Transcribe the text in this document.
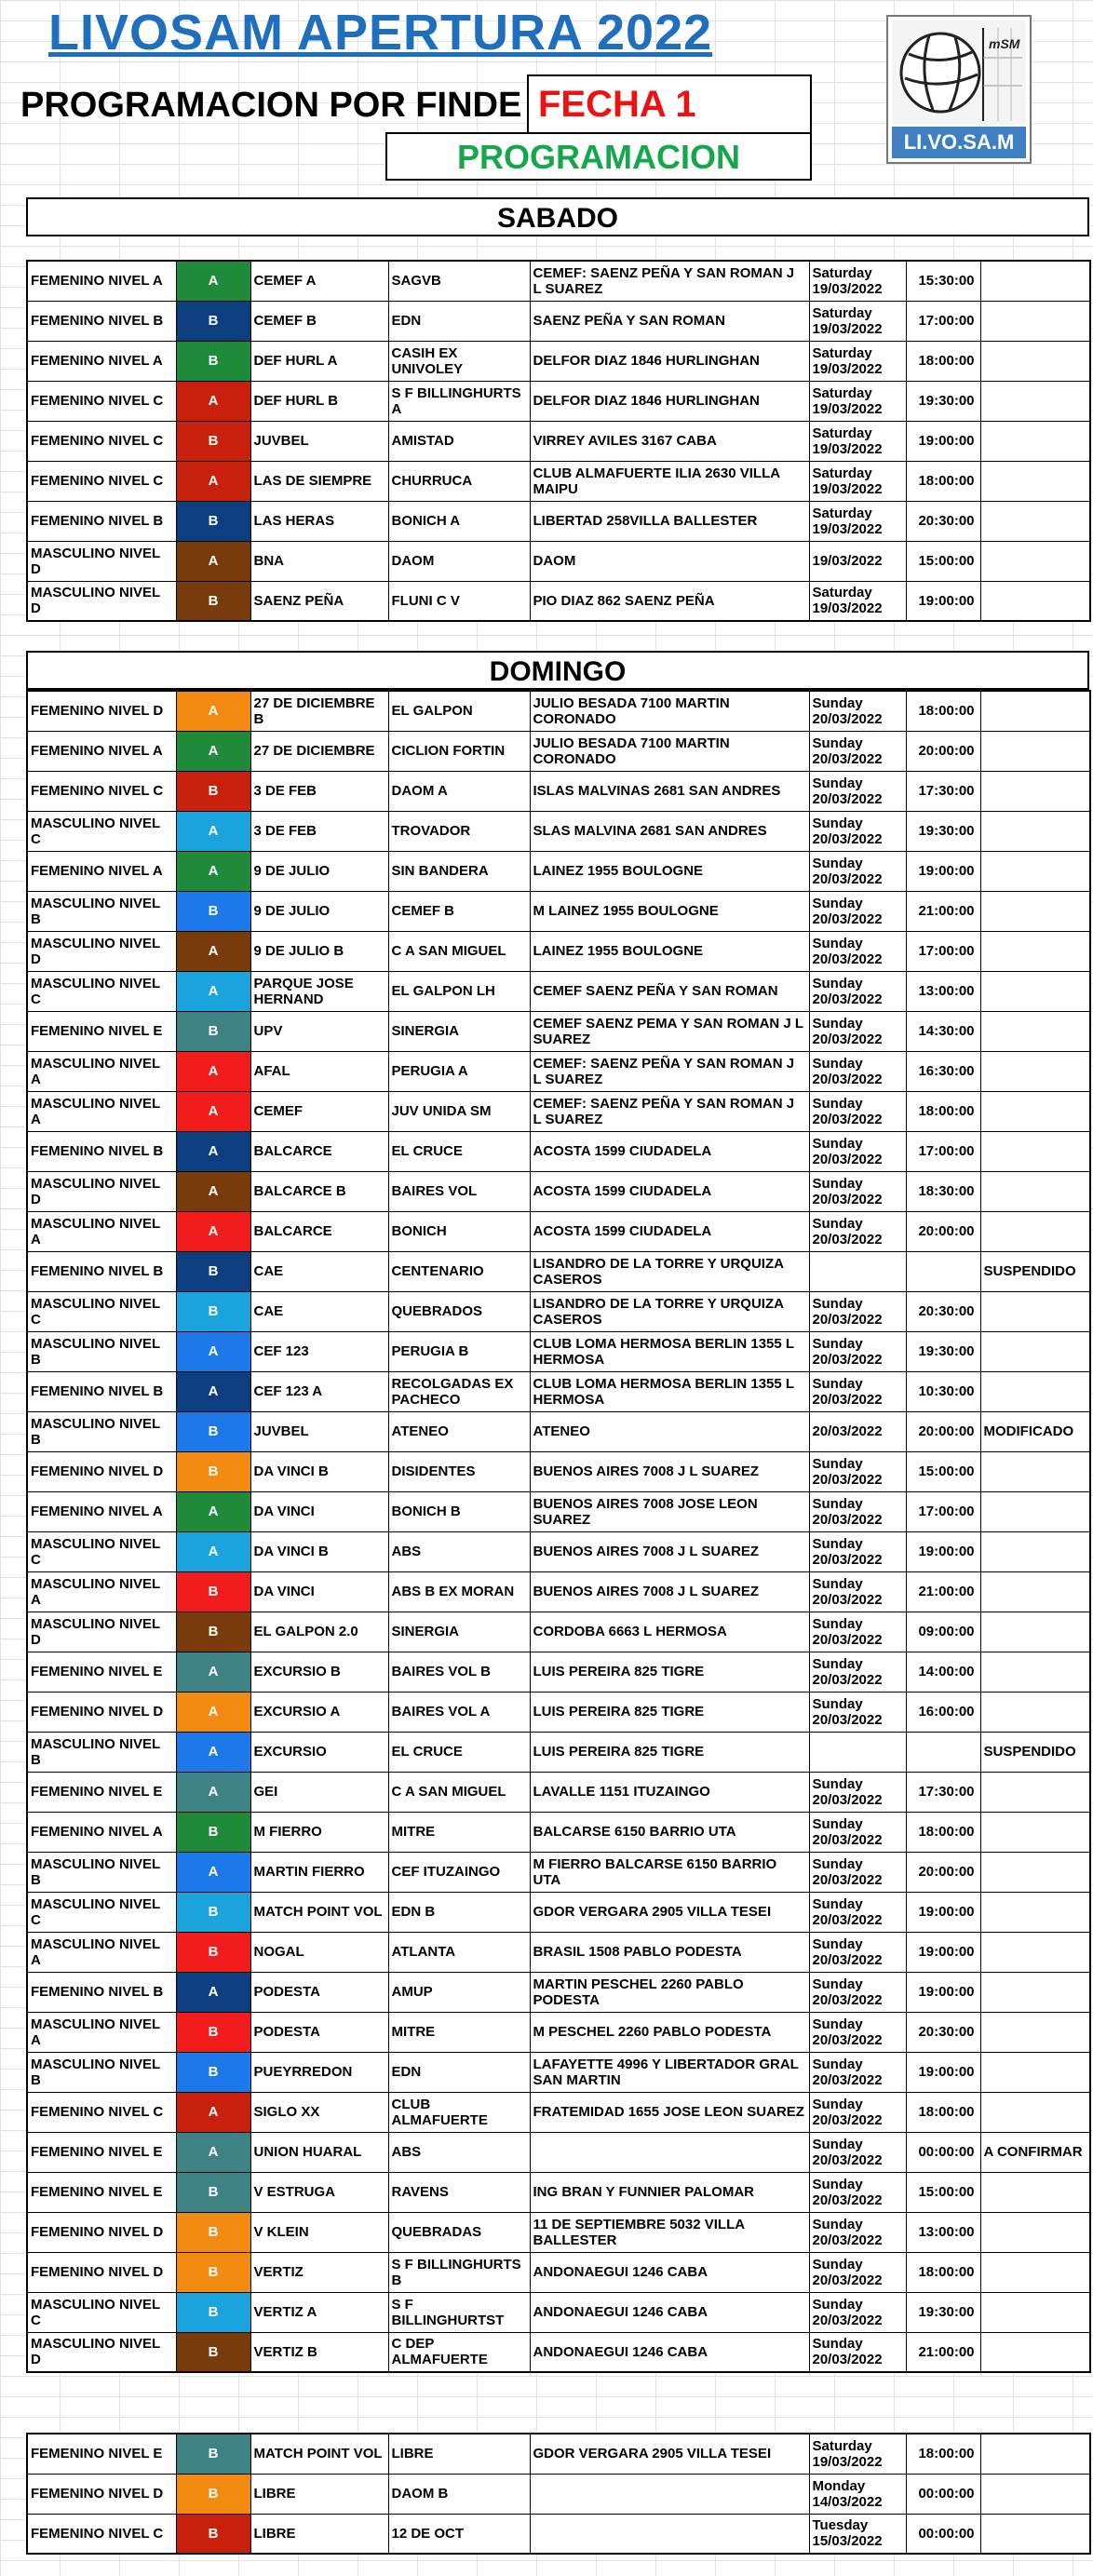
LIVOSAM APERTURA 2022
PROGRAMACION POR FINDE FECHA 1
PROGRAMACION
mSM
LI.VO.SA.M
SABADO
FEMENINO NIVEL A	A	CEMEF A	SAGVB	CEMEF: SAENZ PEÑA Y SAN ROMAN J L SUAREZ	Saturday 19/03/2022	15:30:00	
FEMENINO NIVEL B	B	CEMEF B	EDN	SAENZ PEÑA Y SAN ROMAN	Saturday 19/03/2022	17:00:00	
FEMENINO NIVEL A	B	DEF HURL A	CASIH EX UNIVOLEY	DELFOR DIAZ 1846 HURLINGHAN	Saturday 19/03/2022	18:00:00	
FEMENINO NIVEL C	A	DEF HURL B	S F BILLINGHURTS A	DELFOR DIAZ 1846 HURLINGHAN	Saturday 19/03/2022	19:30:00	
FEMENINO NIVEL C	B	JUVBEL	AMISTAD	VIRREY AVILES 3167 CABA	Saturday 19/03/2022	19:00:00	
FEMENINO NIVEL C	A	LAS DE SIEMPRE	CHURRUCA	CLUB ALMAFUERTE ILIA 2630 VILLA MAIPU	Saturday 19/03/2022	18:00:00	
FEMENINO NIVEL B	B	LAS HERAS	BONICH A	LIBERTAD 258VILLA BALLESTER	Saturday 19/03/2022	20:30:00	
MASCULINO NIVEL D	A	BNA	DAOM	DAOM	19/03/2022	15:00:00	
MASCULINO NIVEL D	B	SAENZ PEÑA	FLUNI C V	PIO DIAZ 862 SAENZ PEÑA	Saturday 19/03/2022	19:00:00	
DOMINGO
FEMENINO NIVEL D	A	27 DE DICIEMBRE B	EL GALPON	JULIO BESADA 7100 MARTIN CORONADO	Sunday 20/03/2022	18:00:00	
FEMENINO NIVEL A	A	27 DE DICIEMBRE	CICLION FORTIN	JULIO BESADA 7100 MARTIN CORONADO	Sunday 20/03/2022	20:00:00	
FEMENINO NIVEL C	B	3 DE FEB	DAOM A	ISLAS MALVINAS 2681 SAN ANDRES	Sunday 20/03/2022	17:30:00	
MASCULINO NIVEL C	A	3 DE FEB	TROVADOR	SLAS MALVINA 2681 SAN ANDRES	Sunday 20/03/2022	19:30:00	
FEMENINO NIVEL A	A	9 DE JULIO	SIN BANDERA	LAINEZ 1955 BOULOGNE	Sunday 20/03/2022	19:00:00	
MASCULINO NIVEL B	B	9 DE JULIO	CEMEF B	M LAINEZ 1955 BOULOGNE	Sunday 20/03/2022	21:00:00	
MASCULINO NIVEL D	A	9 DE JULIO B	C A SAN MIGUEL	LAINEZ 1955 BOULOGNE	Sunday 20/03/2022	17:00:00	
MASCULINO NIVEL C	A	PARQUE JOSE HERNAND	EL GALPON LH	CEMEF SAENZ PEÑA Y SAN ROMAN	Sunday 20/03/2022	13:00:00	
FEMENINO NIVEL E	B	UPV	SINERGIA	CEMEF SAENZ PEMA Y SAN ROMAN J L SUAREZ	Sunday 20/03/2022	14:30:00	
MASCULINO NIVEL A	A	AFAL	PERUGIA A	CEMEF: SAENZ PEÑA Y SAN ROMAN J L SUAREZ	Sunday 20/03/2022	16:30:00	
MASCULINO NIVEL A	A	CEMEF	JUV UNIDA SM	CEMEF: SAENZ PEÑA Y SAN ROMAN J L SUAREZ	Sunday 20/03/2022	18:00:00	
FEMENINO NIVEL B	A	BALCARCE	EL CRUCE	ACOSTA 1599 CIUDADELA	Sunday 20/03/2022	17:00:00	
MASCULINO NIVEL D	A	BALCARCE B	BAIRES VOL	ACOSTA 1599 CIUDADELA	Sunday 20/03/2022	18:30:00	
MASCULINO NIVEL A	A	BALCARCE	BONICH	ACOSTA 1599 CIUDADELA	Sunday 20/03/2022	20:00:00	
FEMENINO NIVEL B	B	CAE	CENTENARIO	LISANDRO DE LA TORRE Y URQUIZA CASEROS			SUSPENDIDO
MASCULINO NIVEL C	B	CAE	QUEBRADOS	LISANDRO DE LA TORRE Y URQUIZA CASEROS	Sunday 20/03/2022	20:30:00	
MASCULINO NIVEL B	A	CEF 123	PERUGIA B	CLUB LOMA HERMOSA BERLIN 1355 L HERMOSA	Sunday 20/03/2022	19:30:00	
FEMENINO NIVEL B	A	CEF 123 A	RECOLGADAS EX PACHECO	CLUB LOMA HERMOSA BERLIN 1355 L HERMOSA	Sunday 20/03/2022	10:30:00	
MASCULINO NIVEL B	B	JUVBEL	ATENEO	ATENEO	20/03/2022	20:00:00	MODIFICADO
FEMENINO NIVEL D	B	DA VINCI B	DISIDENTES	BUENOS AIRES 7008 J L SUAREZ	Sunday 20/03/2022	15:00:00	
FEMENINO NIVEL A	A	DA VINCI	BONICH B	BUENOS AIRES 7008 JOSE LEON SUAREZ	Sunday 20/03/2022	17:00:00	
MASCULINO NIVEL C	A	DA VINCI B	ABS	BUENOS AIRES 7008 J L SUAREZ	Sunday 20/03/2022	19:00:00	
MASCULINO NIVEL A	B	DA VINCI	ABS B EX MORAN	BUENOS AIRES 7008 J L SUAREZ	Sunday 20/03/2022	21:00:00	
MASCULINO NIVEL D	B	EL GALPON 2.0	SINERGIA	CORDOBA 6663 L HERMOSA	Sunday 20/03/2022	09:00:00	
FEMENINO NIVEL E	A	EXCURSIO B	BAIRES VOL B	LUIS PEREIRA 825 TIGRE	Sunday 20/03/2022	14:00:00	
FEMENINO NIVEL D	A	EXCURSIO A	BAIRES VOL A	LUIS PEREIRA 825 TIGRE	Sunday 20/03/2022	16:00:00	
MASCULINO NIVEL B	A	EXCURSIO	EL CRUCE	LUIS PEREIRA 825 TIGRE			SUSPENDIDO
FEMENINO NIVEL E	A	GEI	C A SAN MIGUEL	LAVALLE 1151 ITUZAINGO	Sunday 20/03/2022	17:30:00	
FEMENINO NIVEL A	B	M FIERRO	MITRE	BALCARSE 6150 BARRIO UTA	Sunday 20/03/2022	18:00:00	
MASCULINO NIVEL B	A	MARTIN FIERRO	CEF ITUZAINGO	M FIERRO BALCARSE 6150 BARRIO UTA	Sunday 20/03/2022	20:00:00	
MASCULINO NIVEL C	B	MATCH POINT VOL	EDN B	GDOR VERGARA 2905 VILLA TESEI	Sunday 20/03/2022	19:00:00	
MASCULINO NIVEL A	B	NOGAL	ATLANTA	BRASIL 1508 PABLO PODESTA	Sunday 20/03/2022	19:00:00	
FEMENINO NIVEL B	A	PODESTA	AMUP	MARTIN PESCHEL 2260 PABLO PODESTA	Sunday 20/03/2022	19:00:00	
MASCULINO NIVEL A	B	PODESTA	MITRE	M PESCHEL 2260 PABLO PODESTA	Sunday 20/03/2022	20:30:00	
MASCULINO NIVEL B	B	PUEYRREDON	EDN	LAFAYETTE 4996 Y LIBERTADOR GRAL SAN MARTIN	Sunday 20/03/2022	19:00:00	
FEMENINO NIVEL C	A	SIGLO XX	CLUB ALMAFUERTE	FRATEMIDAD 1655 JOSE LEON SUAREZ	Sunday 20/03/2022	18:00:00	
FEMENINO NIVEL E	A	UNION HUARAL	ABS		Sunday 20/03/2022	00:00:00	A CONFIRMAR
FEMENINO NIVEL E	B	V ESTRUGA	RAVENS	ING BRAN Y FUNNIER PALOMAR	Sunday 20/03/2022	15:00:00	
FEMENINO NIVEL D	B	V KLEIN	QUEBRADAS	11 DE SEPTIEMBRE 5032 VILLA BALLESTER	Sunday 20/03/2022	13:00:00	
FEMENINO NIVEL D	B	VERTIZ	S F BILLINGHURTS B	ANDONAEGUI 1246 CABA	Sunday 20/03/2022	18:00:00	
MASCULINO NIVEL C	B	VERTIZ A	S F BILLINGHURTST	ANDONAEGUI 1246 CABA	Sunday 20/03/2022	19:30:00	
MASCULINO NIVEL D	B	VERTIZ B	C DEP ALMAFUERTE	ANDONAEGUI 1246 CABA	Sunday 20/03/2022	21:00:00	
FEMENINO NIVEL E	B	MATCH POINT VOL	LIBRE	GDOR VERGARA 2905 VILLA TESEI	Saturday 19/03/2022	18:00:00	
FEMENINO NIVEL D	B	LIBRE	DAOM B		Monday 14/03/2022	00:00:00	
FEMENINO NIVEL C	B	LIBRE	12 DE OCT		Tuesday 15/03/2022	00:00:00	
